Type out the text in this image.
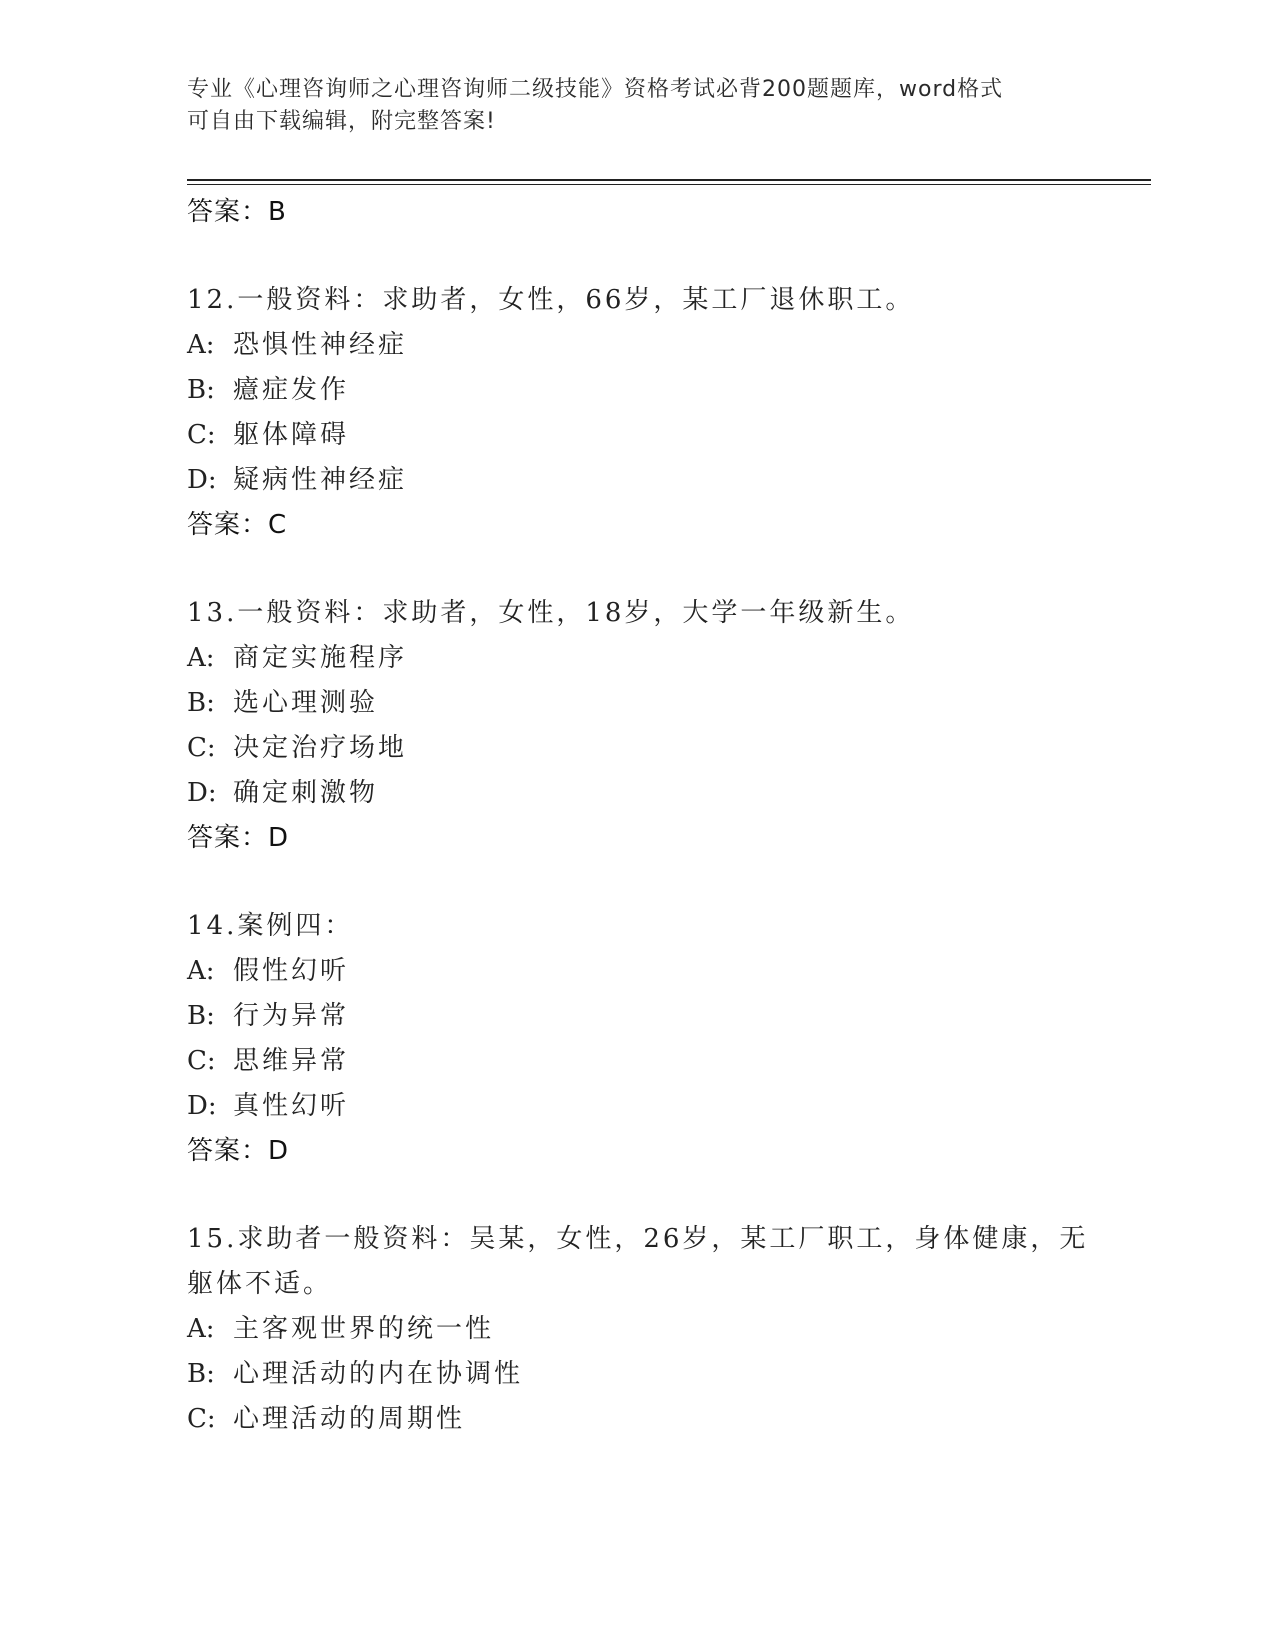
专业《心理咨询师之心理咨询师二级技能》资格考试必背200题题库，word格式
可自由下载编辑，附完整答案!
答案：B
12.一般资料：求助者，女性，66岁，某工厂退休职工。
A: 恐惧性神经症
B: 癔症发作
C: 躯体障碍
D: 疑病性神经症
答案：C
13.一般资料：求助者，女性，18岁，大学一年级新生。
A: 商定实施程序
B: 选心理测验
C: 决定治疗场地
D: 确定刺激物
答案：D
14.案例四：
A: 假性幻听
B: 行为异常
C: 思维异常
D: 真性幻听
答案：D
15.求助者一般资料：吴某，女性，26岁，某工厂职工，身体健康，无
躯体不适。
A: 主客观世界的统一性
B: 心理活动的内在协调性
C: 心理活动的周期性
